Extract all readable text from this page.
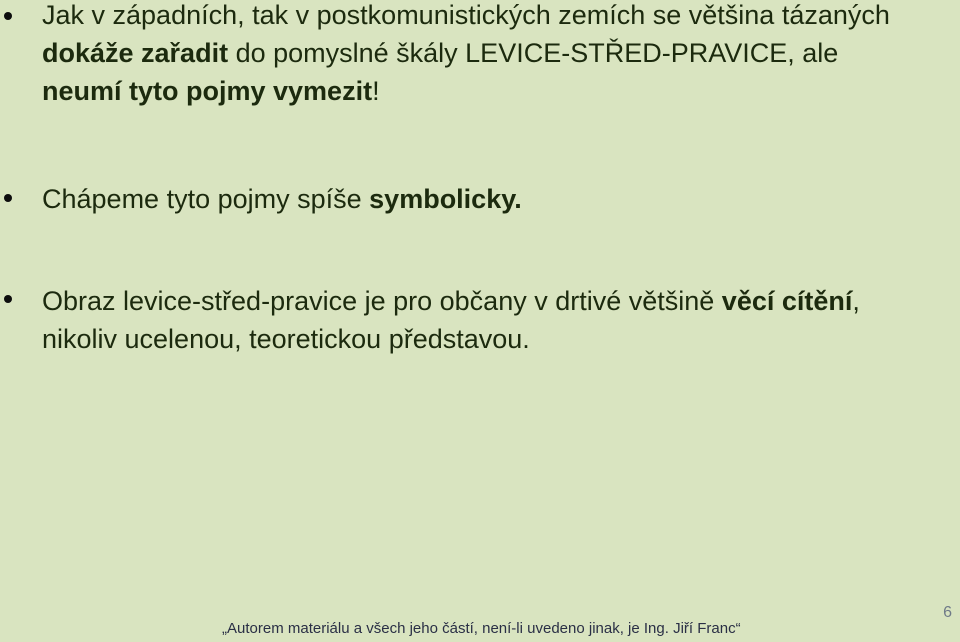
Jak v západních, tak v postkomunistických zemích se většina tázaných dokáže zařadit do pomyslné škály LEVICE-STŘED-PRAVICE, ale neumí tyto pojmy vymezit!
Chápeme tyto pojmy spíše symbolicky.
Obraz levice-střed-pravice je pro občany v drtivé většině věcí cítění, nikoliv ucelenou, teoretickou představou.
„Autorem materiálu a všech jeho částí, není-li uvedeno jinak, je Ing. Jiří Franc“
6
